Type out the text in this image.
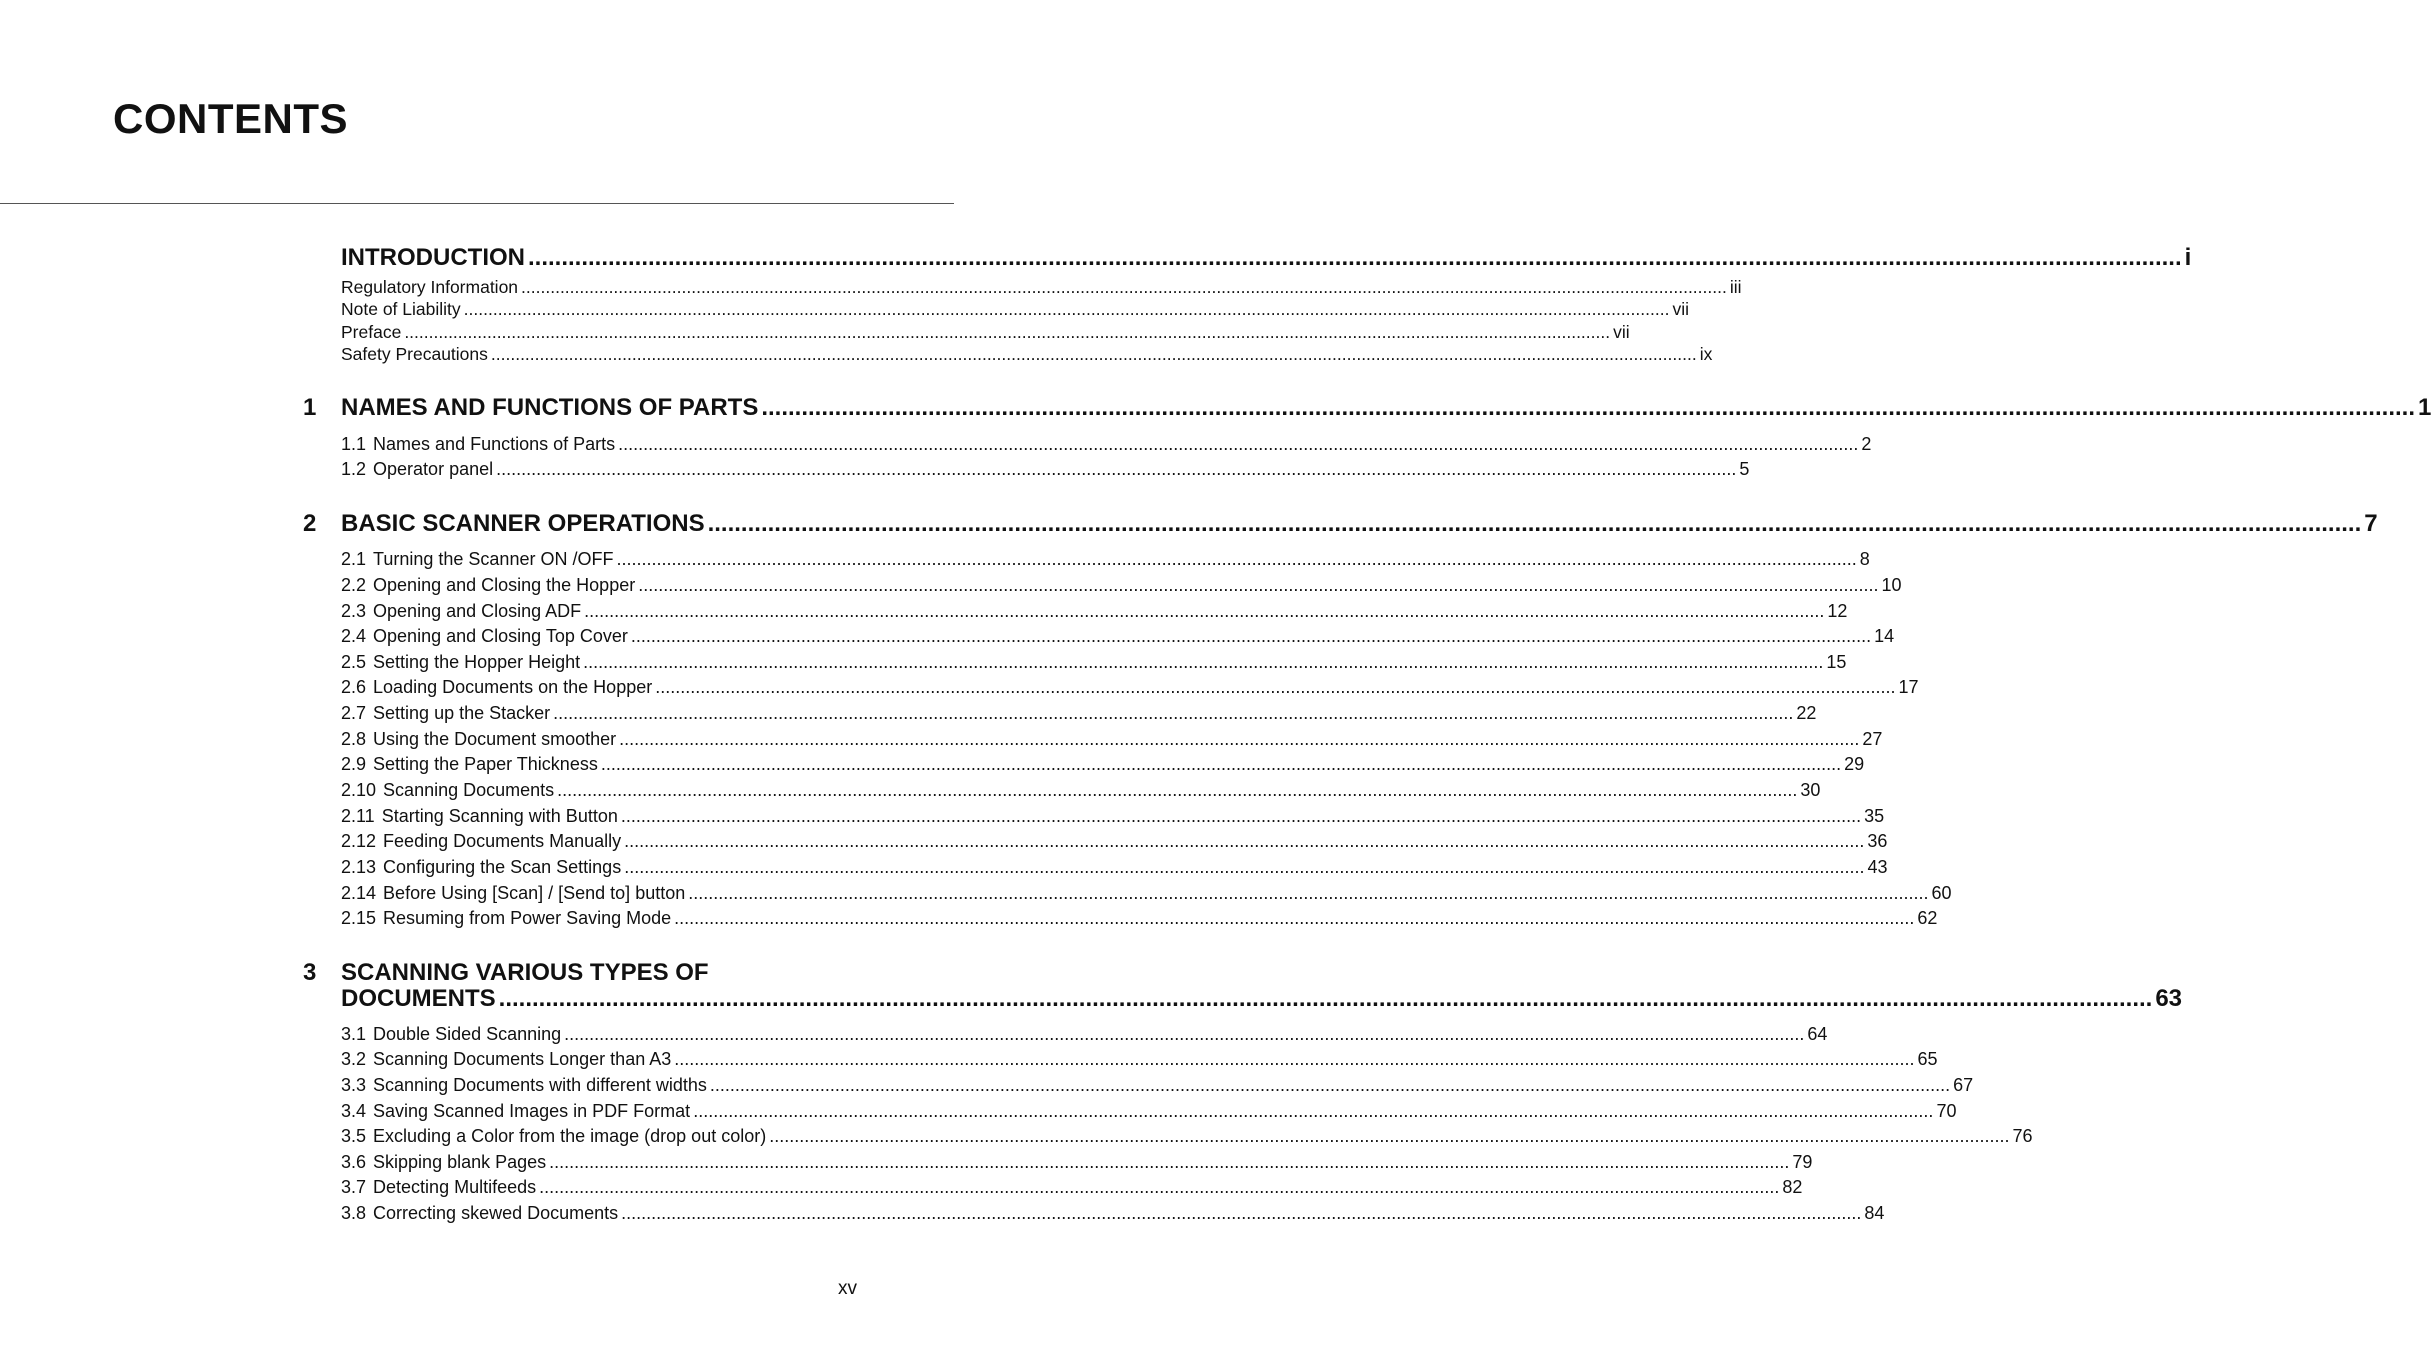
CONTENTS
INTRODUCTION .....	i
Regulatory Information .....	iii
Note of Liability .....	vii
Preface .....	vii
Safety Precautions .....	ix
1 NAMES AND FUNCTIONS OF PARTS .....	1
1.1 Names and Functions of Parts .....	2
1.2 Operator panel .....	5
2 BASIC SCANNER OPERATIONS .....	7
2.1 Turning the Scanner ON /OFF .....	8
2.2 Opening and Closing the Hopper .....	10
2.3 Opening and Closing ADF .....	12
2.4 Opening and Closing Top Cover .....	14
2.5 Setting the Hopper Height .....	15
2.6 Loading Documents on the Hopper .....	17
2.7 Setting up the Stacker .....	22
2.8 Using the Document smoother .....	27
2.9 Setting the Paper Thickness .....	29
2.10 Scanning Documents .....	30
2.11 Starting Scanning with Button .....	35
2.12 Feeding Documents Manually .....	36
2.13 Configuring the Scan Settings .....	43
2.14 Before Using [Scan] / [Send to] button .....	60
2.15 Resuming from Power Saving Mode .....	62
3 SCANNING VARIOUS TYPES OF
DOCUMENTS .....	63
3.1 Double Sided Scanning .....	64
3.2 Scanning Documents Longer than A3 .....	65
3.3 Scanning Documents with different widths .....	67
3.4 Saving Scanned Images in PDF Format .....	70
3.5 Excluding a Color from the image (drop out color) .....	76
3.6 Skipping blank Pages .....	79
3.7 Detecting Multifeeds .....	82
3.8 Correcting skewed Documents .....	84
xv
